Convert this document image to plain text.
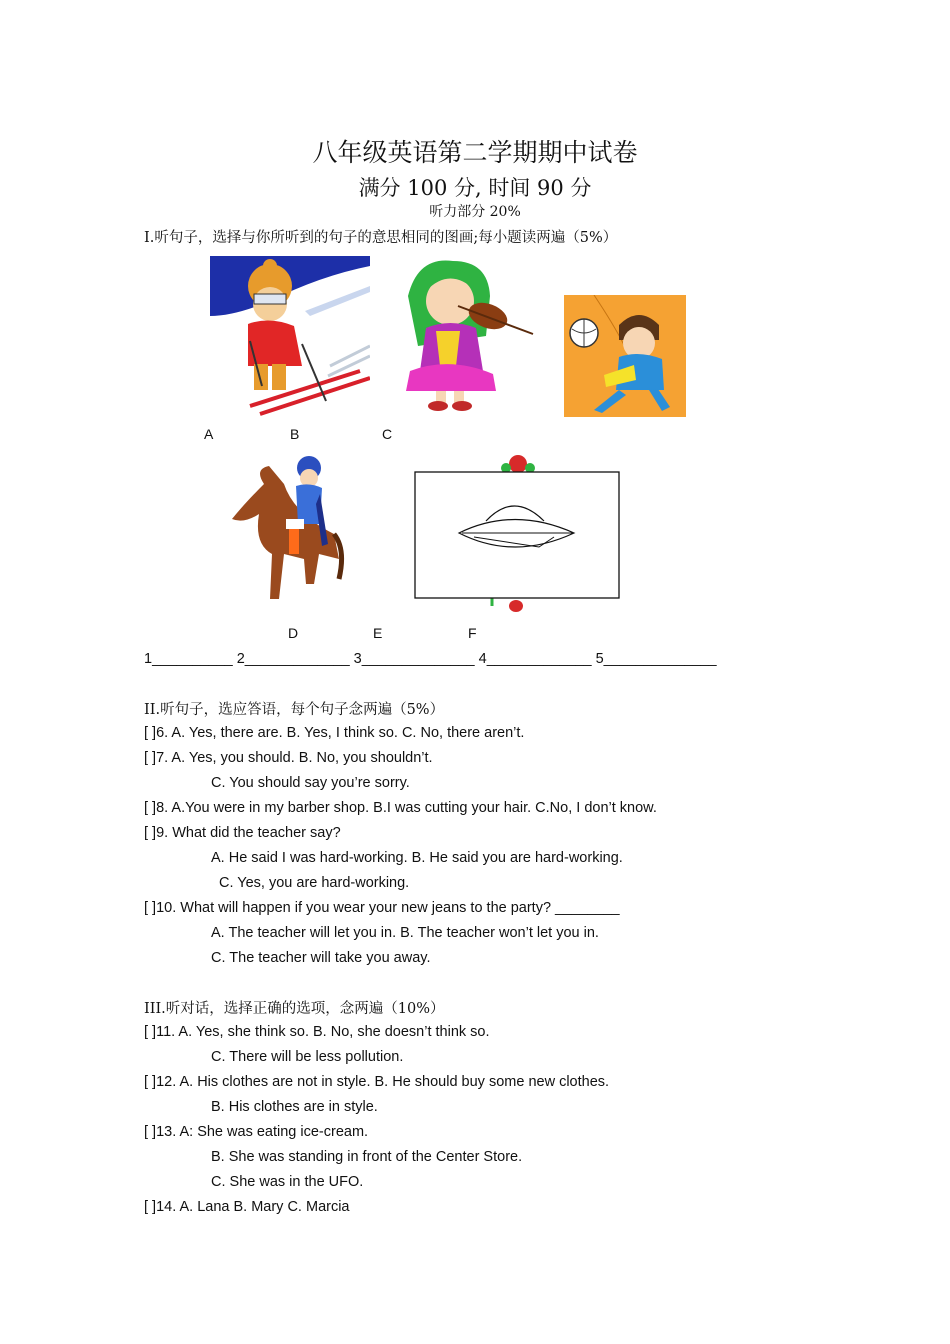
八年级英语第二学期期中试卷
满分 100 分, 时间 90 分
听力部分 20%
I.听句子，选择与你所听到的句子的意思相同的图画;每小题读两遍（5%）
A	B	C
D	E	F
1__________ 2_____________ 3______________ 4_____________ 5______________
II.听句子，选应答语，每个句子念两遍（5%）
[ ]6. A. Yes, there are. B. Yes, I think so. C. No, there aren’t.
[ ]7. A. Yes, you should. B. No, you shouldn’t.
C. You should say you’re sorry.
[ ]8. A.You were in my barber shop. B.I was cutting your hair. C.No, I don’t know.
[ ]9. What did the teacher say?
A. He said I was hard-working. B. He said you are hard-working.
C. Yes, you are hard-working.
[ ]10. What will happen if you wear your new jeans to the party? ________
A. The teacher will let you in. B. The teacher won’t let you in.
C. The teacher will take you away.
III.听对话，选择正确的选项，念两遍（10%）
[ ]11. A. Yes, she think so. B. No, she doesn’t think so.
C. There will be less pollution.
[ ]12. A. His clothes are not in style. B. He should buy some new clothes.
B. His clothes are in style.
[ ]13. A: She was eating ice-cream.
B. She was standing in front of the Center Store.
C. She was in the UFO.
[ ]14. A. Lana B. Mary C. Marcia
